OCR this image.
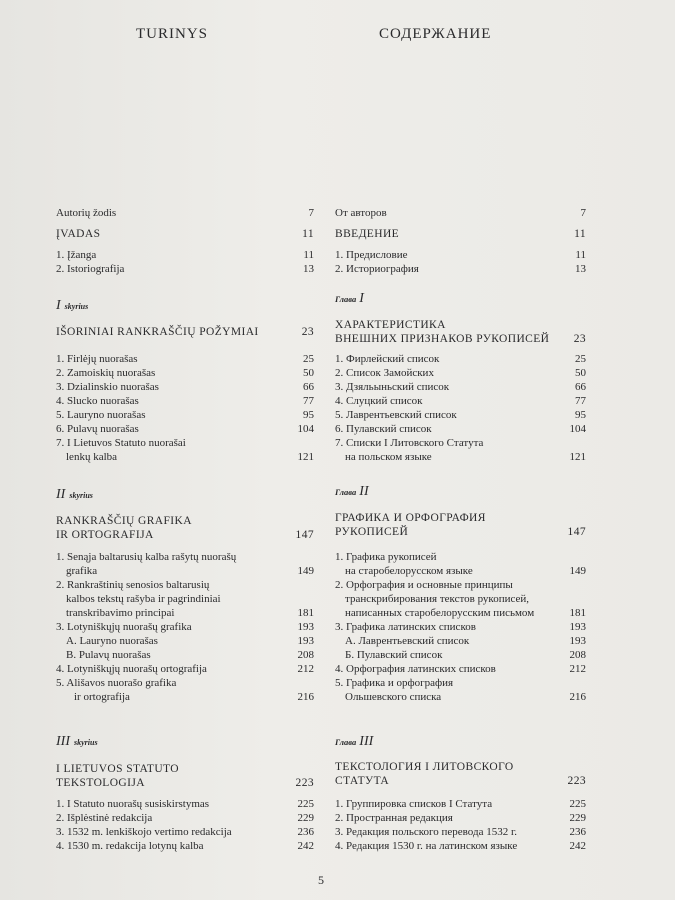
TURINYS
Autorių žodis	7
ĮVADAS	11
1. Įžanga	11
2. Istoriografija	13
IŠORINIAI RANKRAŠČIŲ POŽYMIAI	23
1. Firlėjų nuorašas	25
2. Zamoiskių nuorašas	50
3. Dzialinskio nuorašas	66
4. Slucko nuorašas	77
5. Lauryno nuorašas	95
6. Pulavų nuorašas	104
7. I Lietuvos Statuto nuorašai
lenkų kalba	121
RANKRAŠČIŲ GRAFIKA
IR ORTOGRAFIJA	147
1. Senąja baltarusių kalba rašytų nuorašų
grafika	149
2. Rankraštinių senosios baltarusių
kalbos tekstų rašyba ir pagrindiniai
transkribavimo principai	181
3. Lotyniškųjų nuorašų grafika	193
A. Lauryno nuorašas	193
B. Pulavų nuorašas	208
4. Lotyniškųjų nuorašų ortografija	212
5. Ališavos nuorašo grafika
ir ortografija	216
I LIETUVOS STATUTO
TEKSTOLOGIJA	223
1. I Statuto nuorašų susiskirstymas	225
2. Išplėstinė redakcija	229
3. 1532 m. lenkiškojo vertimo redakcija	236
4. 1530 m. redakcija lotynų kalba	242
Iskyrius
II skyrius
III skyrius
СОДЕРЖАНИЕ
От авторов	7
ВВЕДЕНИЕ	11
1. Предисловие	11
2. Историография	13
ХАРАКТЕРИСТИКА
ВНЕШНИХ ПРИЗНАКОВ РУКОПИСЕЙ 23
1. Фирлейский список	25
2. Список Замойских	50
3. Дзяльыньский список	66
4. Слуцкий список	77
5. Лаврентьевский список	95
6. Пулавский список	104
7. Списки I Литовского Статута
на польском языке	121
ГРАФИКА И ОРФОГРАФИЯ
РУКОПИСЕЙ	147
1. Графика рукописей
на старобелорусском языке	149
2. Орфография и основные принципы
транскрибирования текстов рукописей,
написанных старобелорусским письмом	181
3. Графика латинских списков	193
А. Лаврентьевский список	193
Б. Пулавский список	208
4. Орфография латинских списков	212
5. Графика и орфография
Ольшевского списка	216
ТЕКСТОЛОГИЯ I ЛИТОВСКОГО
СТАТУТА	223
1. Группировка списков I Статута	225
2. Пространная редакция	229
3. Редакция польского перевода 1532 г.	236
4. Редакция 1530 г. на латинском языке	242
Глава I
Глава II
Глава III
5
